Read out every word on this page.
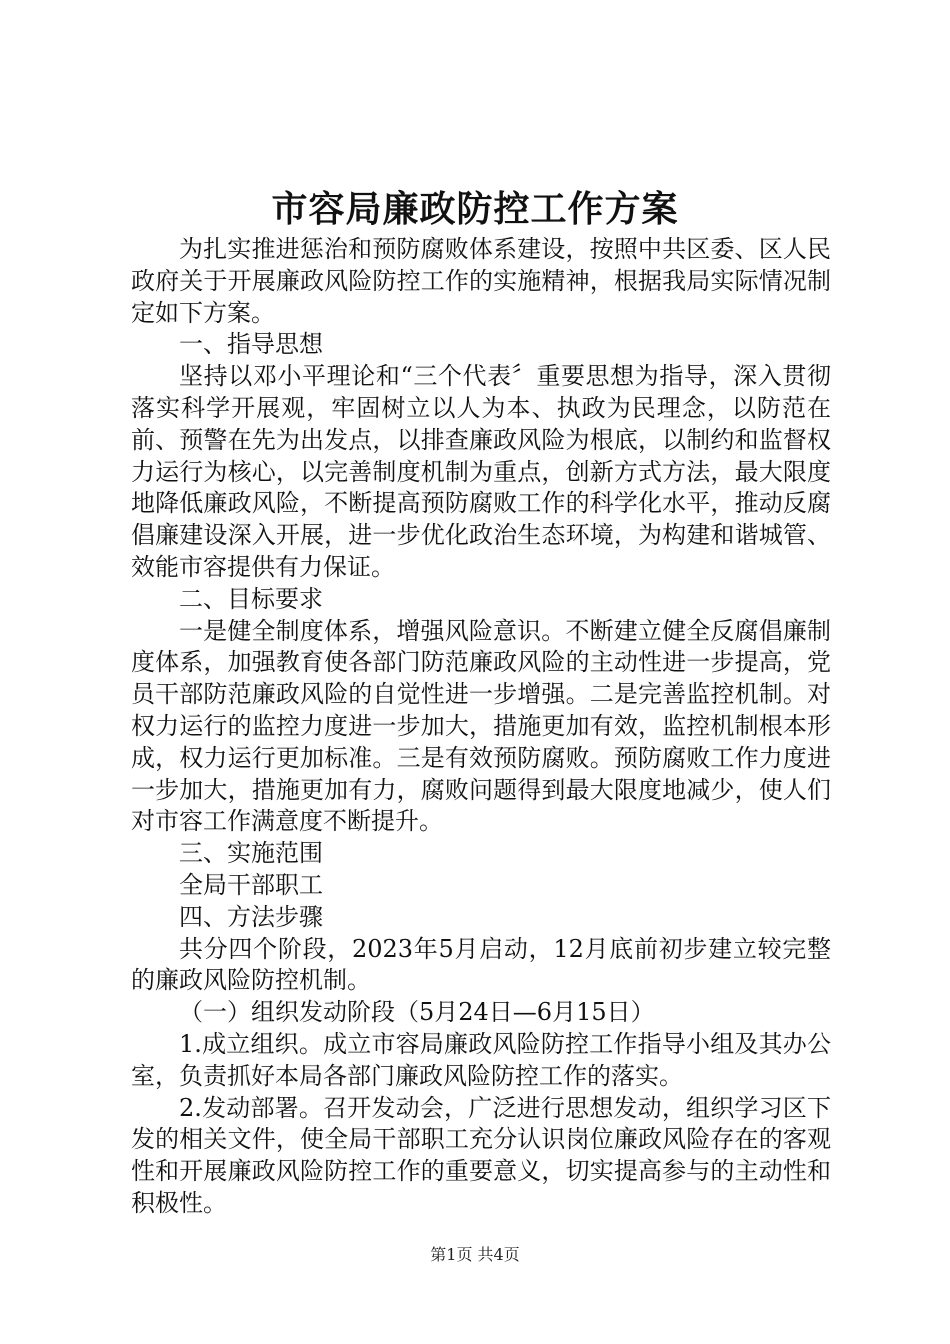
市容局廉政防控工作方案

为扎实推进惩治和预防腐败体系建设，按照中共区委、区人民政府关于开展廉政风险防控工作的实施精神，根据我局实际情况制定如下方案。

一、指导思想

坚持以邓小平理论和“三个代表〞重要思想为指导，深入贯彻落实科学开展观，牢固树立以人为本、执政为民理念，以防范在前、预警在先为出发点，以排查廉政风险为根底，以制约和监督权力运行为核心，以完善制度机制为重点，创新方式方法，最大限度地降低廉政风险，不断提高预防腐败工作的科学化水平，推动反腐倡廉建设深入开展，进一步优化政治生态环境，为构建和谐城管、效能市容提供有力保证。

二、目标要求

一是健全制度体系，增强风险意识。不断建立健全反腐倡廉制度体系，加强教育使各部门防范廉政风险的主动性进一步提高，党员干部防范廉政风险的自觉性进一步增强。二是完善监控机制。对权力运行的监控力度进一步加大，措施更加有效，监控机制根本形成，权力运行更加标准。三是有效预防腐败。预防腐败工作力度进一步加大，措施更加有力，腐败问题得到最大限度地减少，使人们对市容工作满意度不断提升。

三、实施范围

全局干部职工

四、方法步骤

共分四个阶段，2023年5月启动，12月底前初步建立较完整的廉政风险防控机制。

（一）组织发动阶段（5月24日—6月15日）

1.成立组织。成立市容局廉政风险防控工作指导小组及其办公室，负责抓好本局各部门廉政风险防控工作的落实。

2.发动部署。召开发动会，广泛进行思想发动，组织学习区下发的相关文件，使全局干部职工充分认识岗位廉政风险存在的客观性和开展廉政风险防控工作的重要意义，切实提高参与的主动性和积极性。

第1页 共4页
